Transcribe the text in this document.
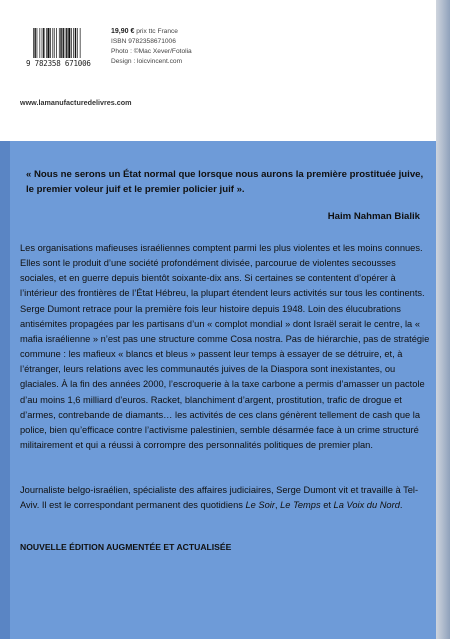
9 782358 671006
19,90 € prix ttc France
ISBN 9782358671006
Photo : ©Mac Xever/Fotolia
Design : loicvincent.com
www.lamanufacturedelivres.com
« Nous ne serons un État normal que lorsque nous aurons la première prostituée juive, le premier voleur juif et le premier policier juif ».
Haim Nahman Bialik
Les organisations mafieuses israéliennes comptent parmi les plus violentes et les moins connues. Elles sont le produit d’une société profondément divisée, parcourue de violentes secousses sociales, et en guerre depuis bientôt soixante-dix ans. Si certaines se contentent d’opérer à l’intérieur des frontières de l’État Hébreu, la plupart étendent leurs activités sur tous les continents. Serge Dumont retrace pour la première fois leur histoire depuis 1948. Loin des élucubrations antisémites propagées par les partisans d’un « complot mondial » dont Israël serait le centre, la « mafia israélienne » n’est pas une structure comme Cosa nostra. Pas de hiérarchie, pas de stratégie commune : les mafieux « blancs et bleus » passent leur temps à essayer de se détruire, et, à l’étranger, leurs relations avec les communautés juives de la Diaspora sont inexistantes, ou glaciales. À la fin des années 2000, l’escroquerie à la taxe carbone a permis d’amasser un pactole d’au moins 1,6 milliard d’euros. Racket, blanchiment d’argent, prostitution, trafic de drogue et d’armes, contrebande de diamants… les activités de ces clans génèrent tellement de cash que la police, bien qu’efficace contre l’activisme palestinien, semble désarmée face à un crime structuré militairement et qui a réussi à corrompre des personnalités politiques de premier plan.
Journaliste belgo-israélien, spécialiste des affaires judiciaires, Serge Dumont vit et travaille à Tel-Aviv. Il est le correspondant permanent des quotidiens Le Soir, Le Temps et La Voix du Nord.
NOUVELLE ÉDITION AUGMENTÉE ET ACTUALISÉE
